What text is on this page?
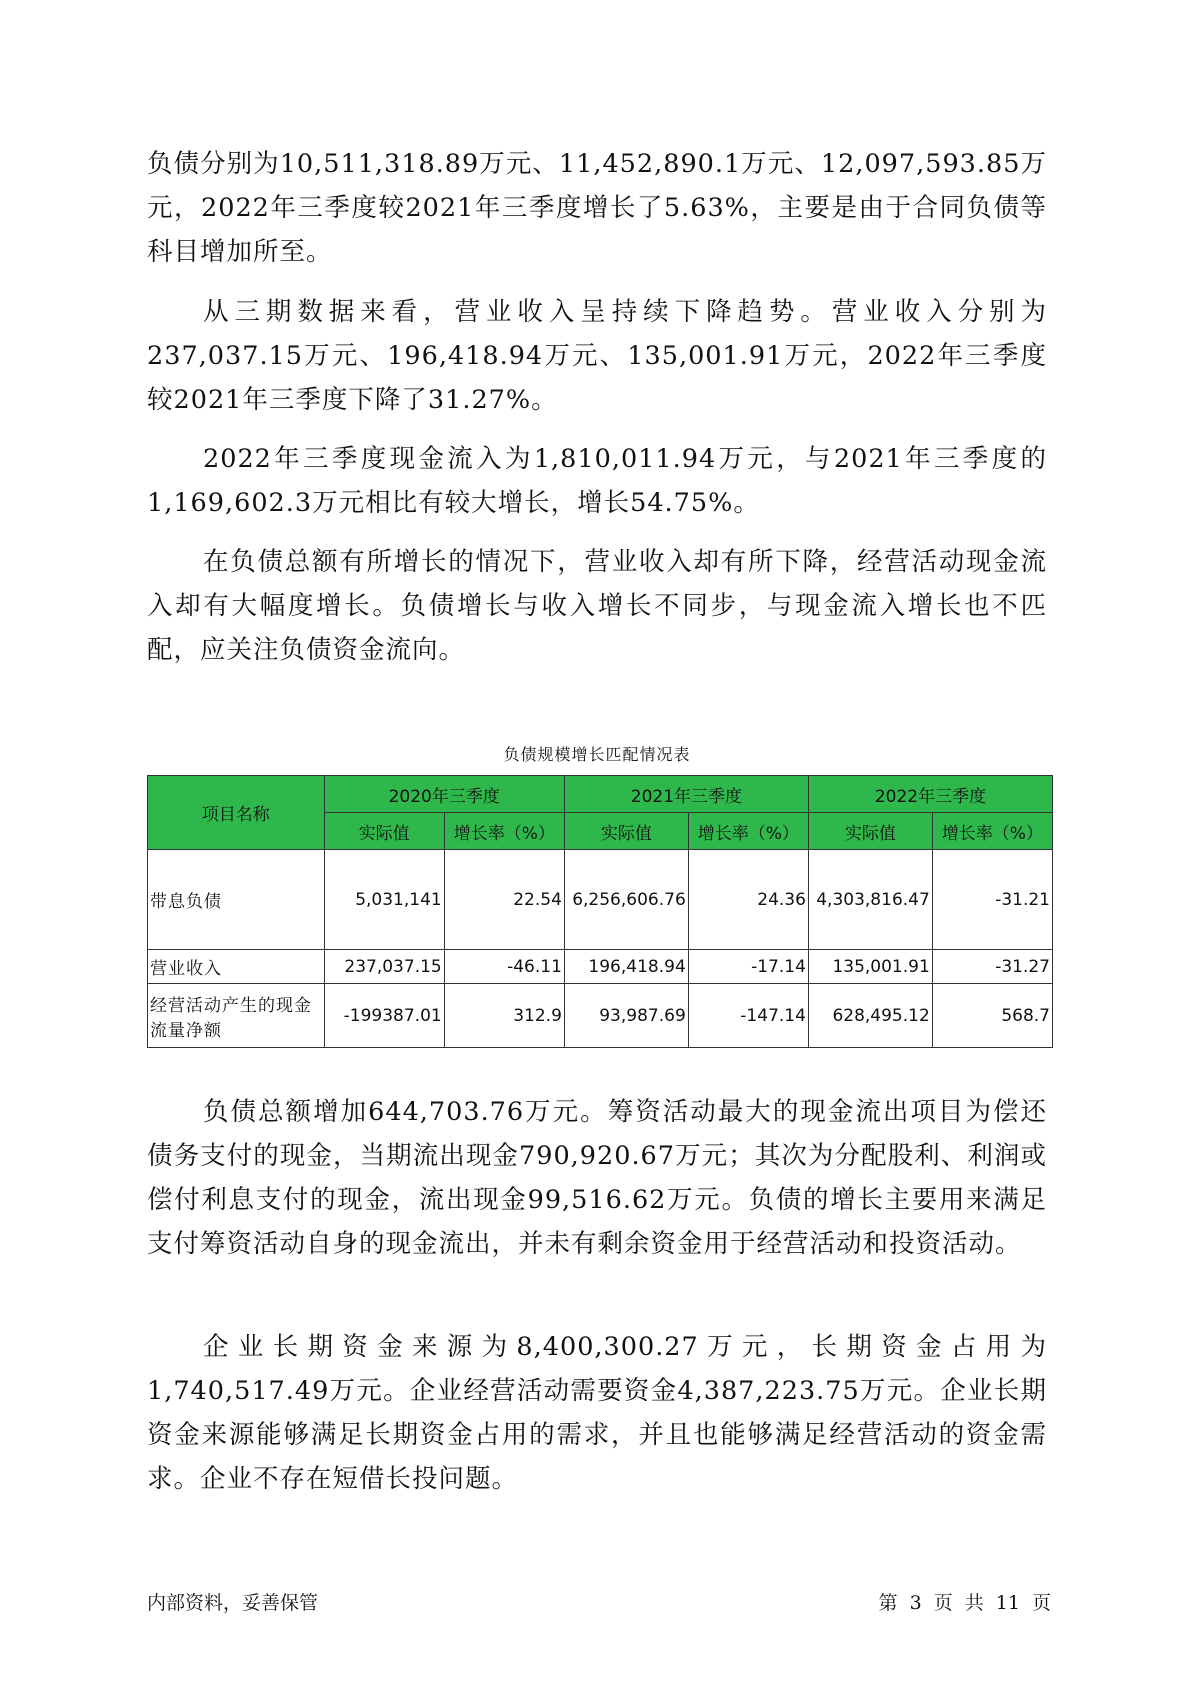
负债分别为10,511,318.89万元、11,452,890.1万元、12,097,593.85万元，2022年三季度较2021年三季度增长了5.63%，主要是由于合同负债等科目增加所至。

从三期数据来看，营业收入呈持续下降趋势。营业收入分别为237,037.15万元、196,418.94万元、135,001.91万元，2022年三季度较2021年三季度下降了31.27%。

2022年三季度现金流入为1,810,011.94万元，与2021年三季度的1,169,602.3万元相比有较大增长，增长54.75%。

在负债总额有所增长的情况下，营业收入却有所下降，经营活动现金流入却有大幅度增长。负债增长与收入增长不同步，与现金流入增长也不匹配，应关注负债资金流向。

负债规模增长匹配情况表
项目名称	2020年三季度		2021年三季度		2022年三季度	
	实际值	增长率（%）	实际值	增长率（%）	实际值	增长率（%）
带息负债	5,031,141	22.54	6,256,606.76	24.36	4,303,816.47	-31.21
营业收入	237,037.15	-46.11	196,418.94	-17.14	135,001.91	-31.27
经营活动产生的现金流量净额	-199387.01	312.9	93,987.69	-147.14	628,495.12	568.7

负债总额增加644,703.76万元。筹资活动最大的现金流出项目为偿还债务支付的现金，当期流出现金790,920.67万元；其次为分配股利、利润或偿付利息支付的现金，流出现金99,516.62万元。负债的增长主要用来满足支付筹资活动自身的现金流出，并未有剩余资金用于经营活动和投资活动。

企业长期资金来源为8,400,300.27万元，长期资金占用为1,740,517.49万元。企业经营活动需要资金4,387,223.75万元。企业长期资金来源能够满足长期资金占用的需求，并且也能够满足经营活动的资金需求。企业不存在短借长投问题。

内部资料，妥善保管	第 3 页 共 11 页
